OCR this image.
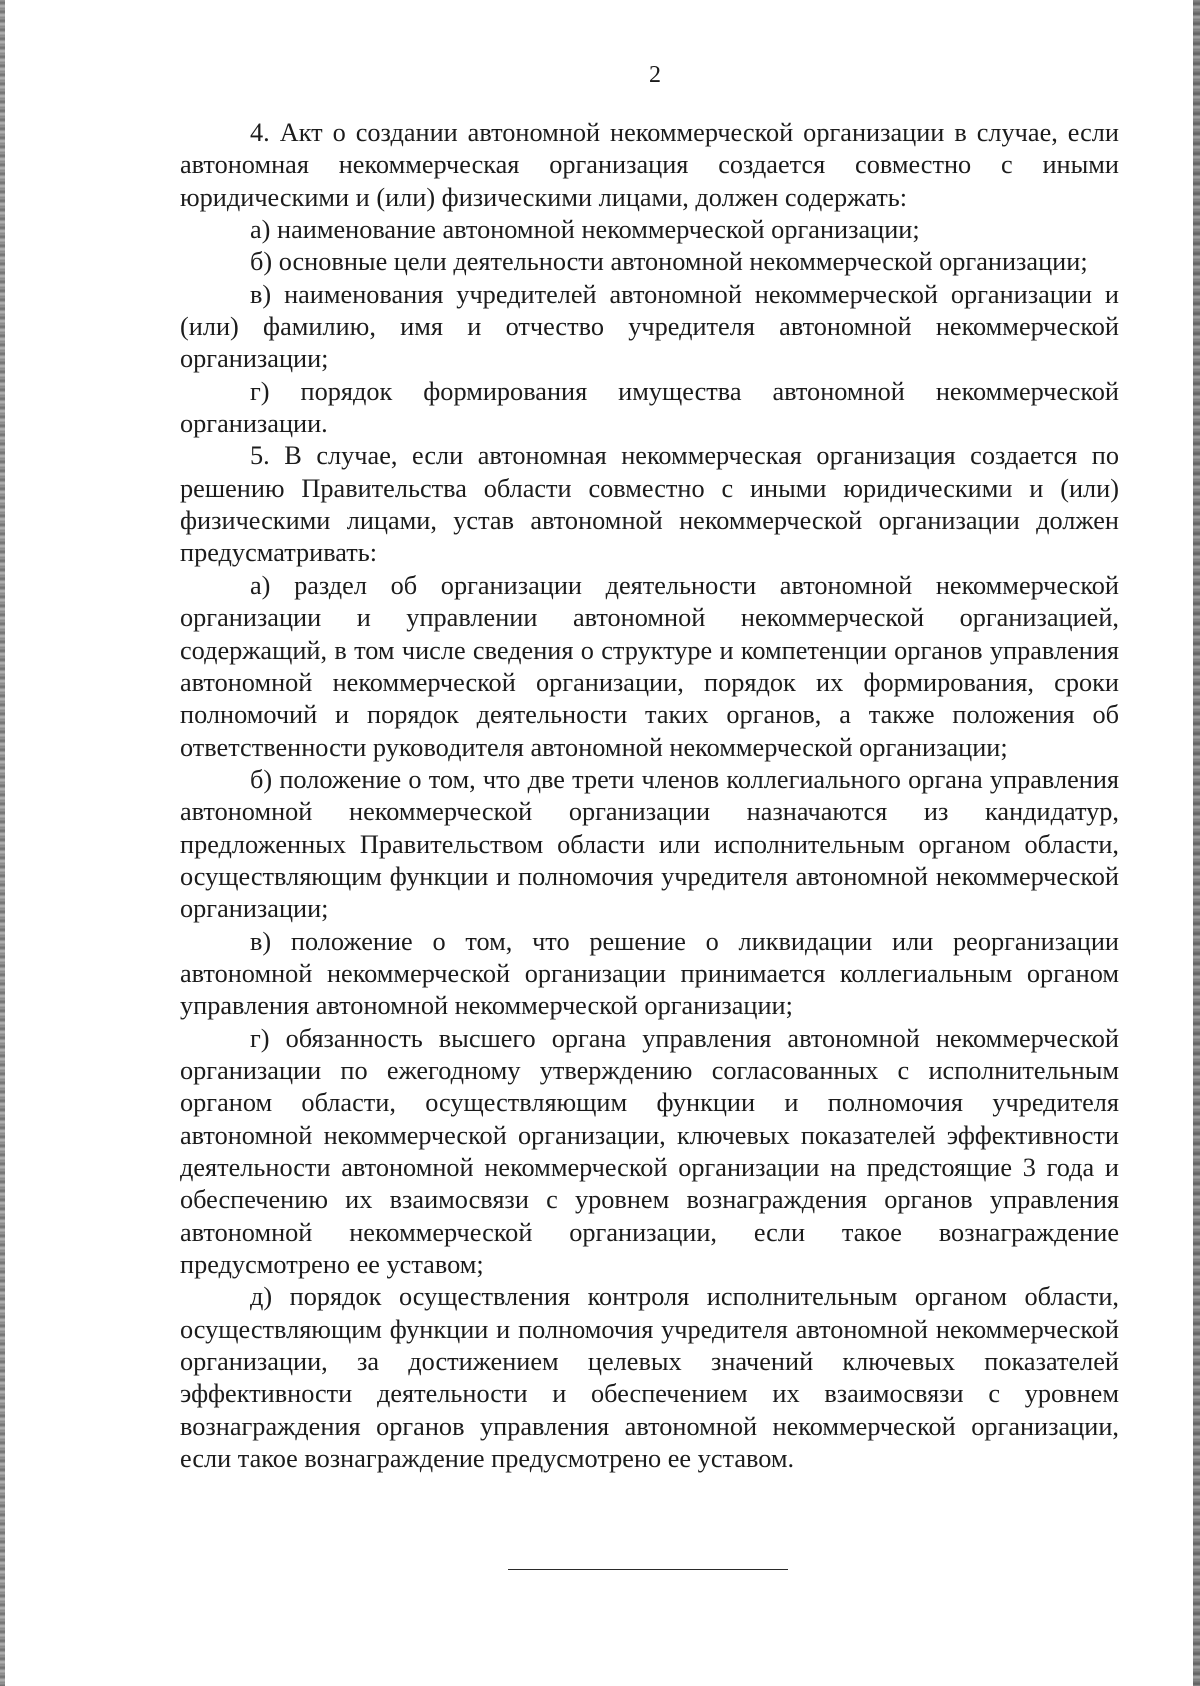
2

4. Акт о создании автономной некоммерческой организации в случае, если автономная некоммерческая организация создается совместно с иными юридическими и (или) физическими лицами, должен содержать:

а) наименование автономной некоммерческой организации;

б) основные цели деятельности автономной некоммерческой организации;

в) наименования учредителей автономной некоммерческой организации и (или) фамилию, имя и отчество учредителя автономной некоммерческой организации;

г) порядок формирования имущества автономной некоммерческой организации.

5. В случае, если автономная некоммерческая организация создается по решению Правительства области совместно с иными юридическими и (или) физическими лицами, устав автономной некоммерческой организации должен предусматривать:

а) раздел об организации деятельности автономной некоммерческой организации и управлении автономной некоммерческой организацией, содержащий, в том числе сведения о структуре и компетенции органов управления автономной некоммерческой организации, порядок их формирования, сроки полномочий и порядок деятельности таких органов, а также положения об ответственности руководителя автономной некоммерческой организации;

б) положение о том, что две трети членов коллегиального органа управления автономной некоммерческой организации назначаются из кандидатур, предложенных Правительством области или исполнительным органом области, осуществляющим функции и полномочия учредителя автономной некоммерческой организации;

в) положение о том, что решение о ликвидации или реорганизации автономной некоммерческой организации принимается коллегиальным органом управления автономной некоммерческой организации;

г) обязанность высшего органа управления автономной некоммерческой организации по ежегодному утверждению согласованных с исполнительным органом области, осуществляющим функции и полномочия учредителя автономной некоммерческой организации, ключевых показателей эффективности деятельности автономной некоммерческой организации на предстоящие 3 года и обеспечению их взаимосвязи с уровнем вознаграждения органов управления автономной некоммерческой организации, если такое вознаграждение предусмотрено ее уставом;

д) порядок осуществления контроля исполнительным органом области, осуществляющим функции и полномочия учредителя автономной некоммерческой организации, за достижением целевых значений ключевых показателей эффективности деятельности и обеспечением их взаимосвязи с уровнем вознаграждения органов управления автономной некоммерческой организации, если такое вознаграждение предусмотрено ее уставом.
